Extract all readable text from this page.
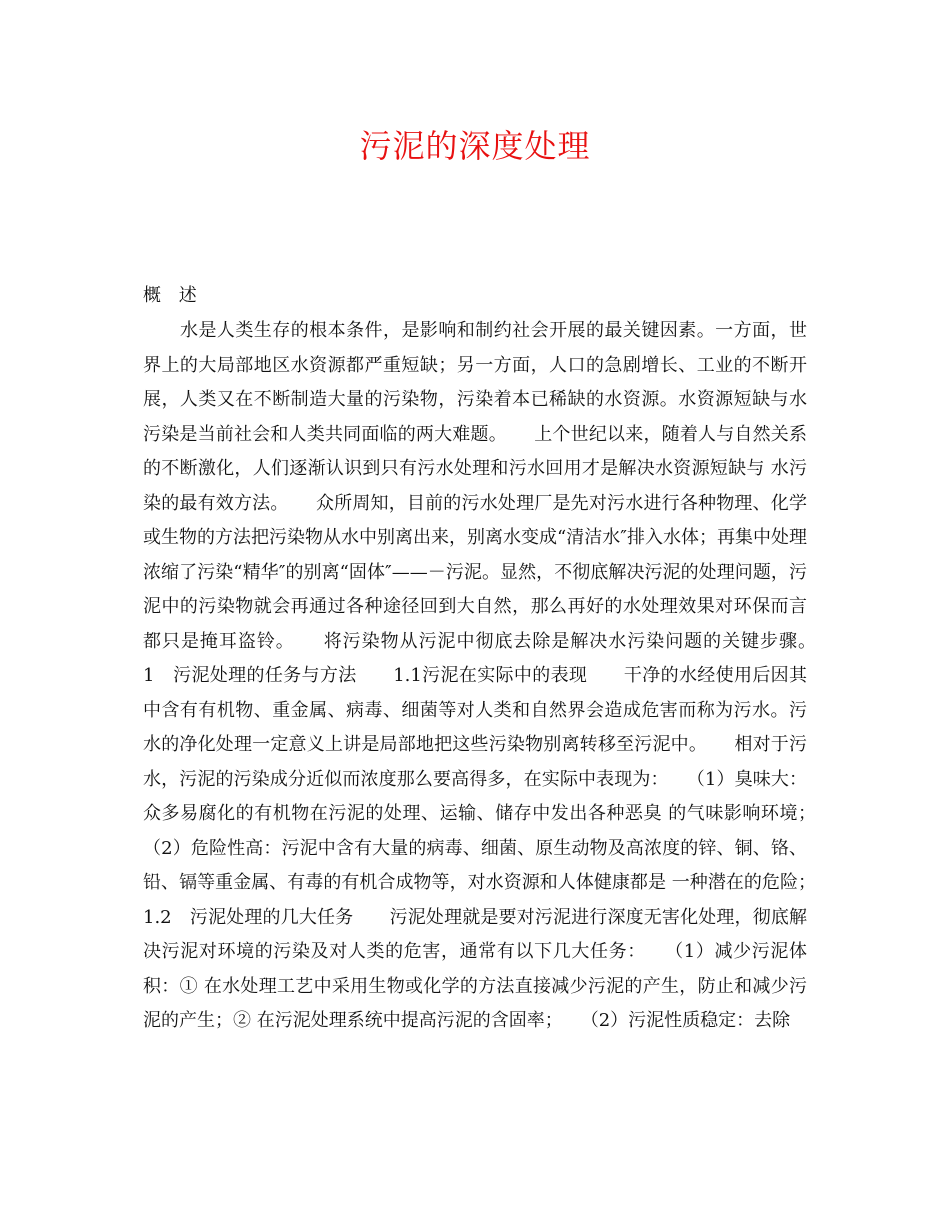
污泥的深度处理
概 述

水是人类生存的根本条件，是影响和制约社会开展的最关键因素。一方面，世界上的大局部地区水资源都严重短缺；另一方面，人口的急剧增长、工业的不断开展，人类又在不断制造大量的污染物，污染着本已稀缺的水资源。水资源短缺与水 污染是当前社会和人类共同面临的两大难题。　　上个世纪以来，随着人与自然关系的不断激化，人们逐渐认识到只有污水处理和污水回用才是解决水资源短缺与 水污染的最有效方法。　　众所周知，目前的污水处理厂是先对污水进行各种物理、化学或生物的方法把污染物从水中别离出来，别离水变成“清洁水″排入水体；再集中处理浓缩了污染“精华″的别离“固体″——－污泥。显然，不彻底解决污泥的处理问题，污泥中的污染物就会再通过各种途径回到大自然，那么再好的水处理效果对环保而言都只是掩耳盗铃。　　将污染物从污泥中彻底去除是解决水污染问题的关键步骤。　　1　污泥处理的任务与方法　　1.1污泥在实际中的表现　　干净的水经使用后因其中含有有机物、重金属、病毒、细菌等对人类和自然界会造成危害而称为污水。污水的净化处理一定意义上讲是局部地把这些污染物别离转移至污泥中。　　相对于污水，污泥的污染成分近似而浓度那么要高得多，在实际中表现为：　　（1）臭味大：众多易腐化的有机物在污泥的处理、运输、储存中发出各种恶臭 的气味影响环境；　　（2）危险性高：污泥中含有大量的病毒、细菌、原生动物及高浓度的锌、铜、铬、铅、镉等重金属、有毒的有机合成物等，对水资源和人体健康都是 一种潜在的危险；　　1.2　污泥处理的几大任务　　污泥处理就是要对污泥进行深度无害化处理，彻底解决污泥对环境的污染及对人类的危害，通常有以下几大任务：　　（1）减少污泥体积：① 在水处理工艺中采用生物或化学的方法直接减少污泥的产生，防止和减少污泥的产生；② 在污泥处理系统中提高污泥的含固率；　　（2）污泥性质稳定：去除
